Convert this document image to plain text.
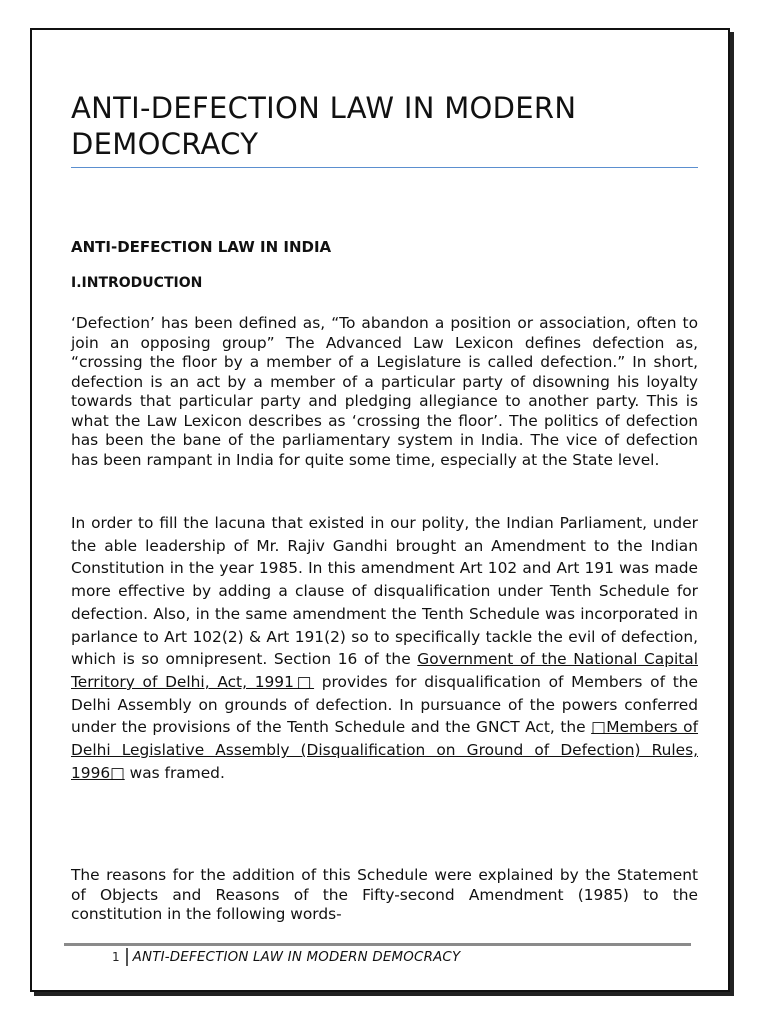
ANTI-DEFECTION LAW IN MODERN DEMOCRACY
ANTI-DEFECTION LAW IN INDIA
I.INTRODUCTION

‘Defection’ has been defined as, “To abandon a position or association, often to join an opposing group” The Advanced Law Lexicon defines defection as, “crossing the floor by a member of a Legislature is called defection.” In short, defection is an act by a member of a particular party of disowning his loyalty towards that particular party and pledging allegiance to another party. This is what the Law Lexicon describes as ‘crossing the floor’. The politics of defection has been the bane of the parliamentary system in India. The vice of defection has been rampant in India for quite some time, especially at the State level.

In order to fill the lacuna that existed in our polity, the Indian Parliament, under the able leadership of Mr. Rajiv Gandhi brought an Amendment to the Indian Constitution in the year 1985. In this amendment Art 102 and Art 191 was made more effective by adding a clause of disqualification under Tenth Schedule for defection. Also, in the same amendment the Tenth Schedule was incorporated in parlance to Art 102(2) & Art 191(2) so to specifically tackle the evil of defection, which is so omnipresent. Section 16 of the Government of the National Capital Territory of Delhi, Act, 1991□ provides for disqualification of Members of the Delhi Assembly on grounds of defection. In pursuance of the powers conferred under the provisions of the Tenth Schedule and the GNCT Act, the □Members of Delhi Legislative Assembly (Disqualification on Ground of Defection) Rules, 1996□ was framed.

The reasons for the addition of this Schedule were explained by the Statement of Objects and Reasons of the Fifty-second Amendment (1985) to the constitution in the following words-

1 ANTI-DEFECTION LAW IN MODERN DEMOCRACY
